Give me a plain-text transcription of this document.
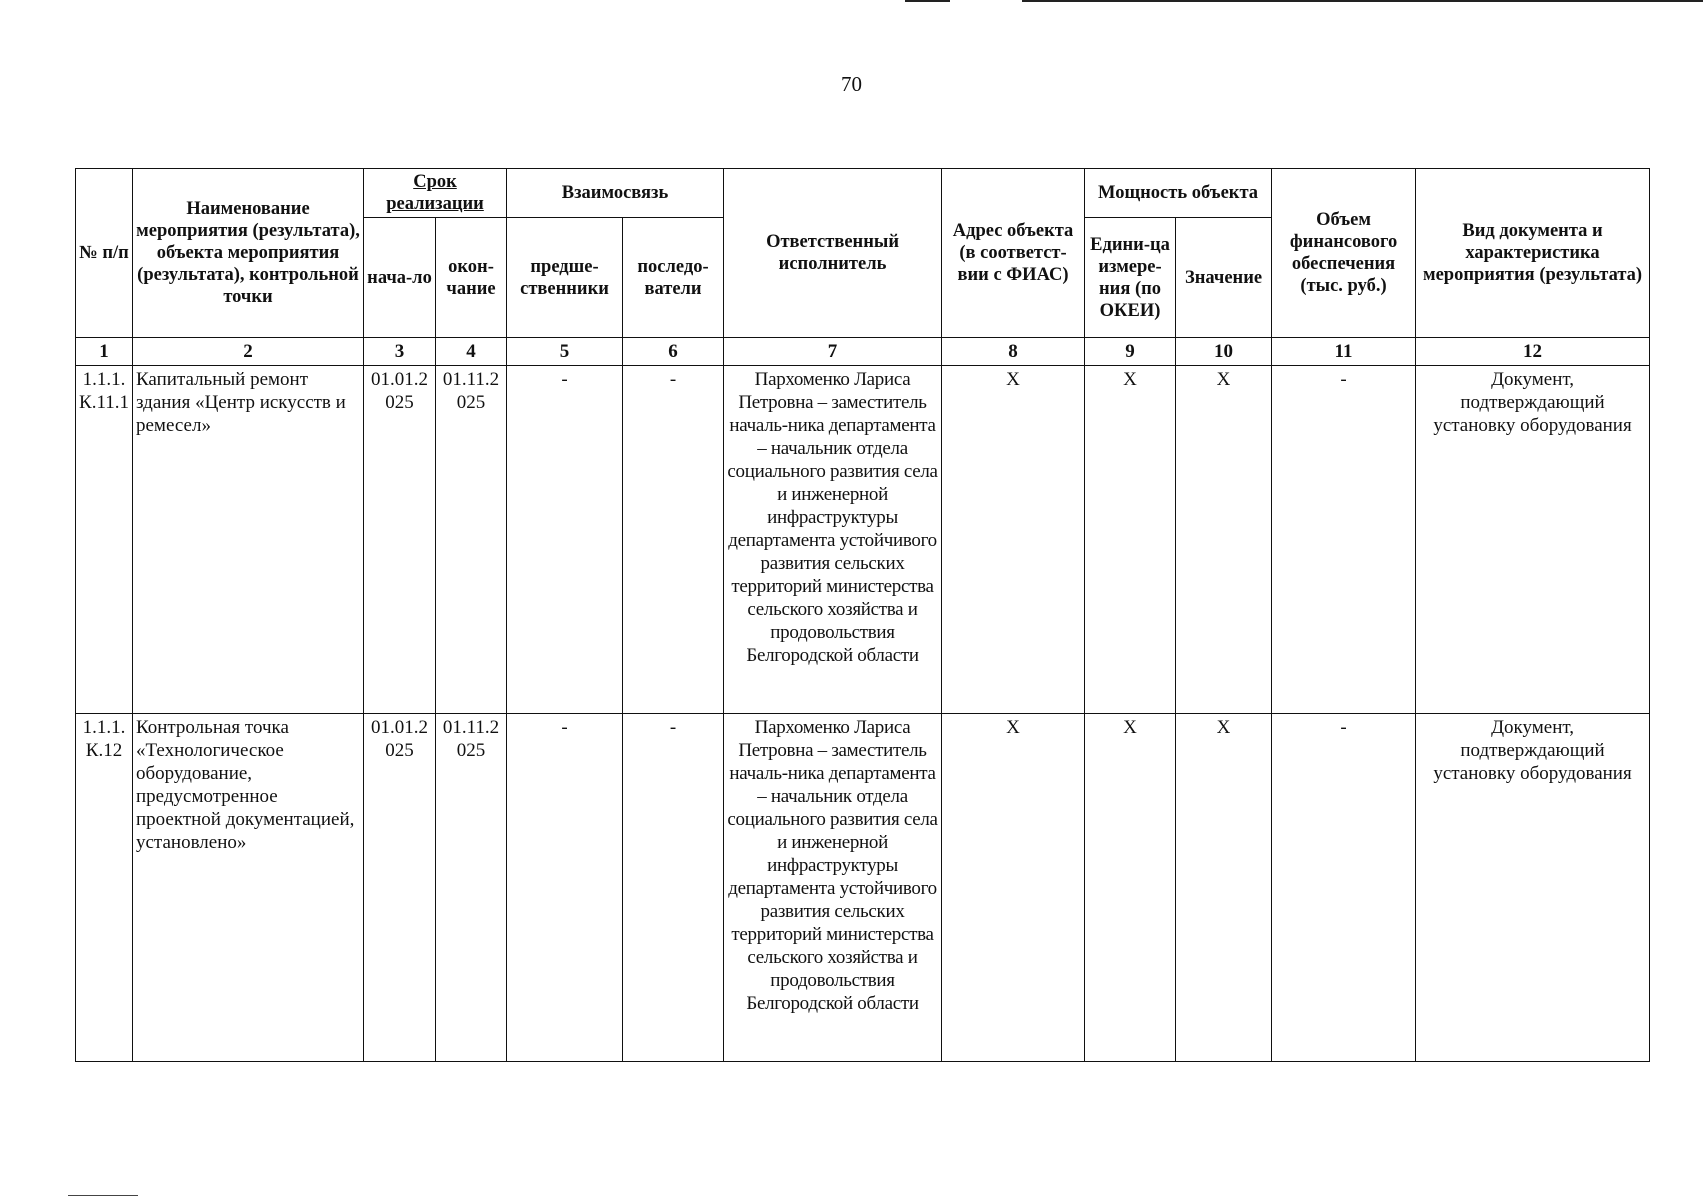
70
№ п/п	Наименование мероприятия (результата), объекта мероприятия (результата), контрольной точки	Срок реализации		Взаимосвязь		Ответственный исполнитель	Адрес объекта (в соответст-вии с ФИАС)	Мощность объекта		Объем финансового обеспечения (тыс. руб.)	Вид документа и характеристика мероприятия (результата)
		нача-ло	окон-чание	предше-ственники	последо-ватели			Едини-ца измере-ния (по ОКЕИ)	Значение		
1	2	3	4	5	6	7	8	9	10	11	12
1.1.1.К.11.1	Капитальный ремонт здания «Центр искусств и ремесел»	01.01.2025	01.11.2025	-	-	Пархоменко Лариса Петровна – заместитель началь-ника департамента – начальник отдела социального развития села и инженерной инфраструктуры департамента устойчивого развития сельских территорий министерства сельского хозяйства и продовольствия Белгородской области	X	X	X	-	Документ, подтверждающий установку оборудования
1.1.1.К.12	Контрольная точка «Технологическое оборудование, предусмотренное проектной документацией, установлено»	01.01.2025	01.11.2025	-	-	Пархоменко Лариса Петровна – заместитель началь-ника департамента – начальник отдела социального развития села и инженерной инфраструктуры департамента устойчивого развития сельских территорий министерства сельского хозяйства и продовольствия Белгородской области	X	X	X	-	Документ, подтверждающий установку оборудования
